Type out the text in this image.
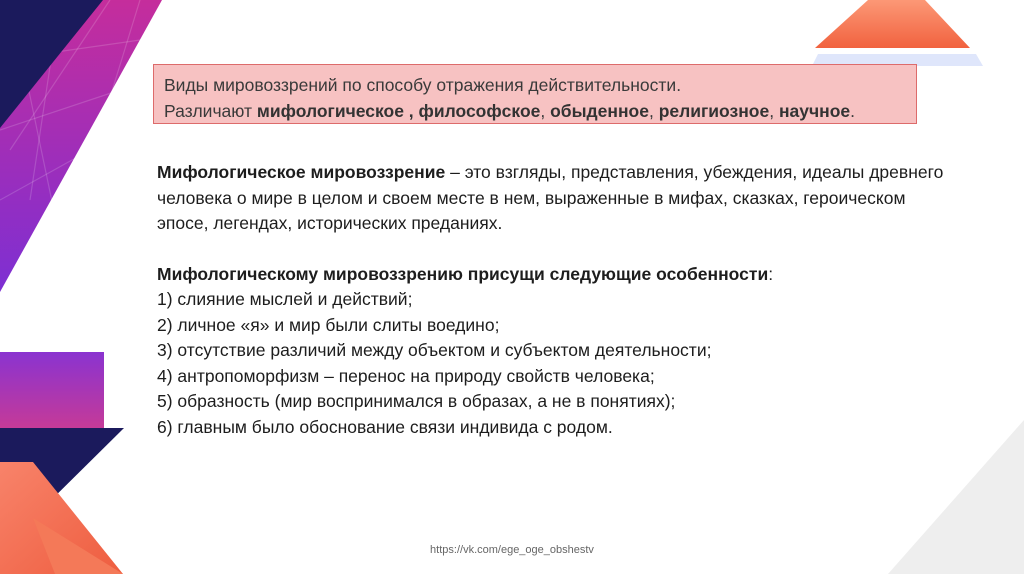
Виды мировоззрений по способу отражения действительности.
Различают мифологическое , философское, обыденное, религиозное, научное.

Мифологическое мировоззрение – это взгляды, представления, убеждения, идеалы древнего человека о мире в целом и своем месте в нем, выраженные в мифах, сказках, героическом эпосе, легендах, исторических преданиях.

Мифологическому мировоззрению присущи следующие особенности:

1) слияние мыслей и действий;

2) личное «я» и мир были слиты воедино;

3) отсутствие различий между объектом и субъектом деятельности;

4) антропоморфизм – перенос на природу свойств человека;

5) образность (мир воспринимался в образах, а не в понятиях);

6) главным было обоснование связи индивида с родом.

https://vk.com/ege_oge_obshestv
